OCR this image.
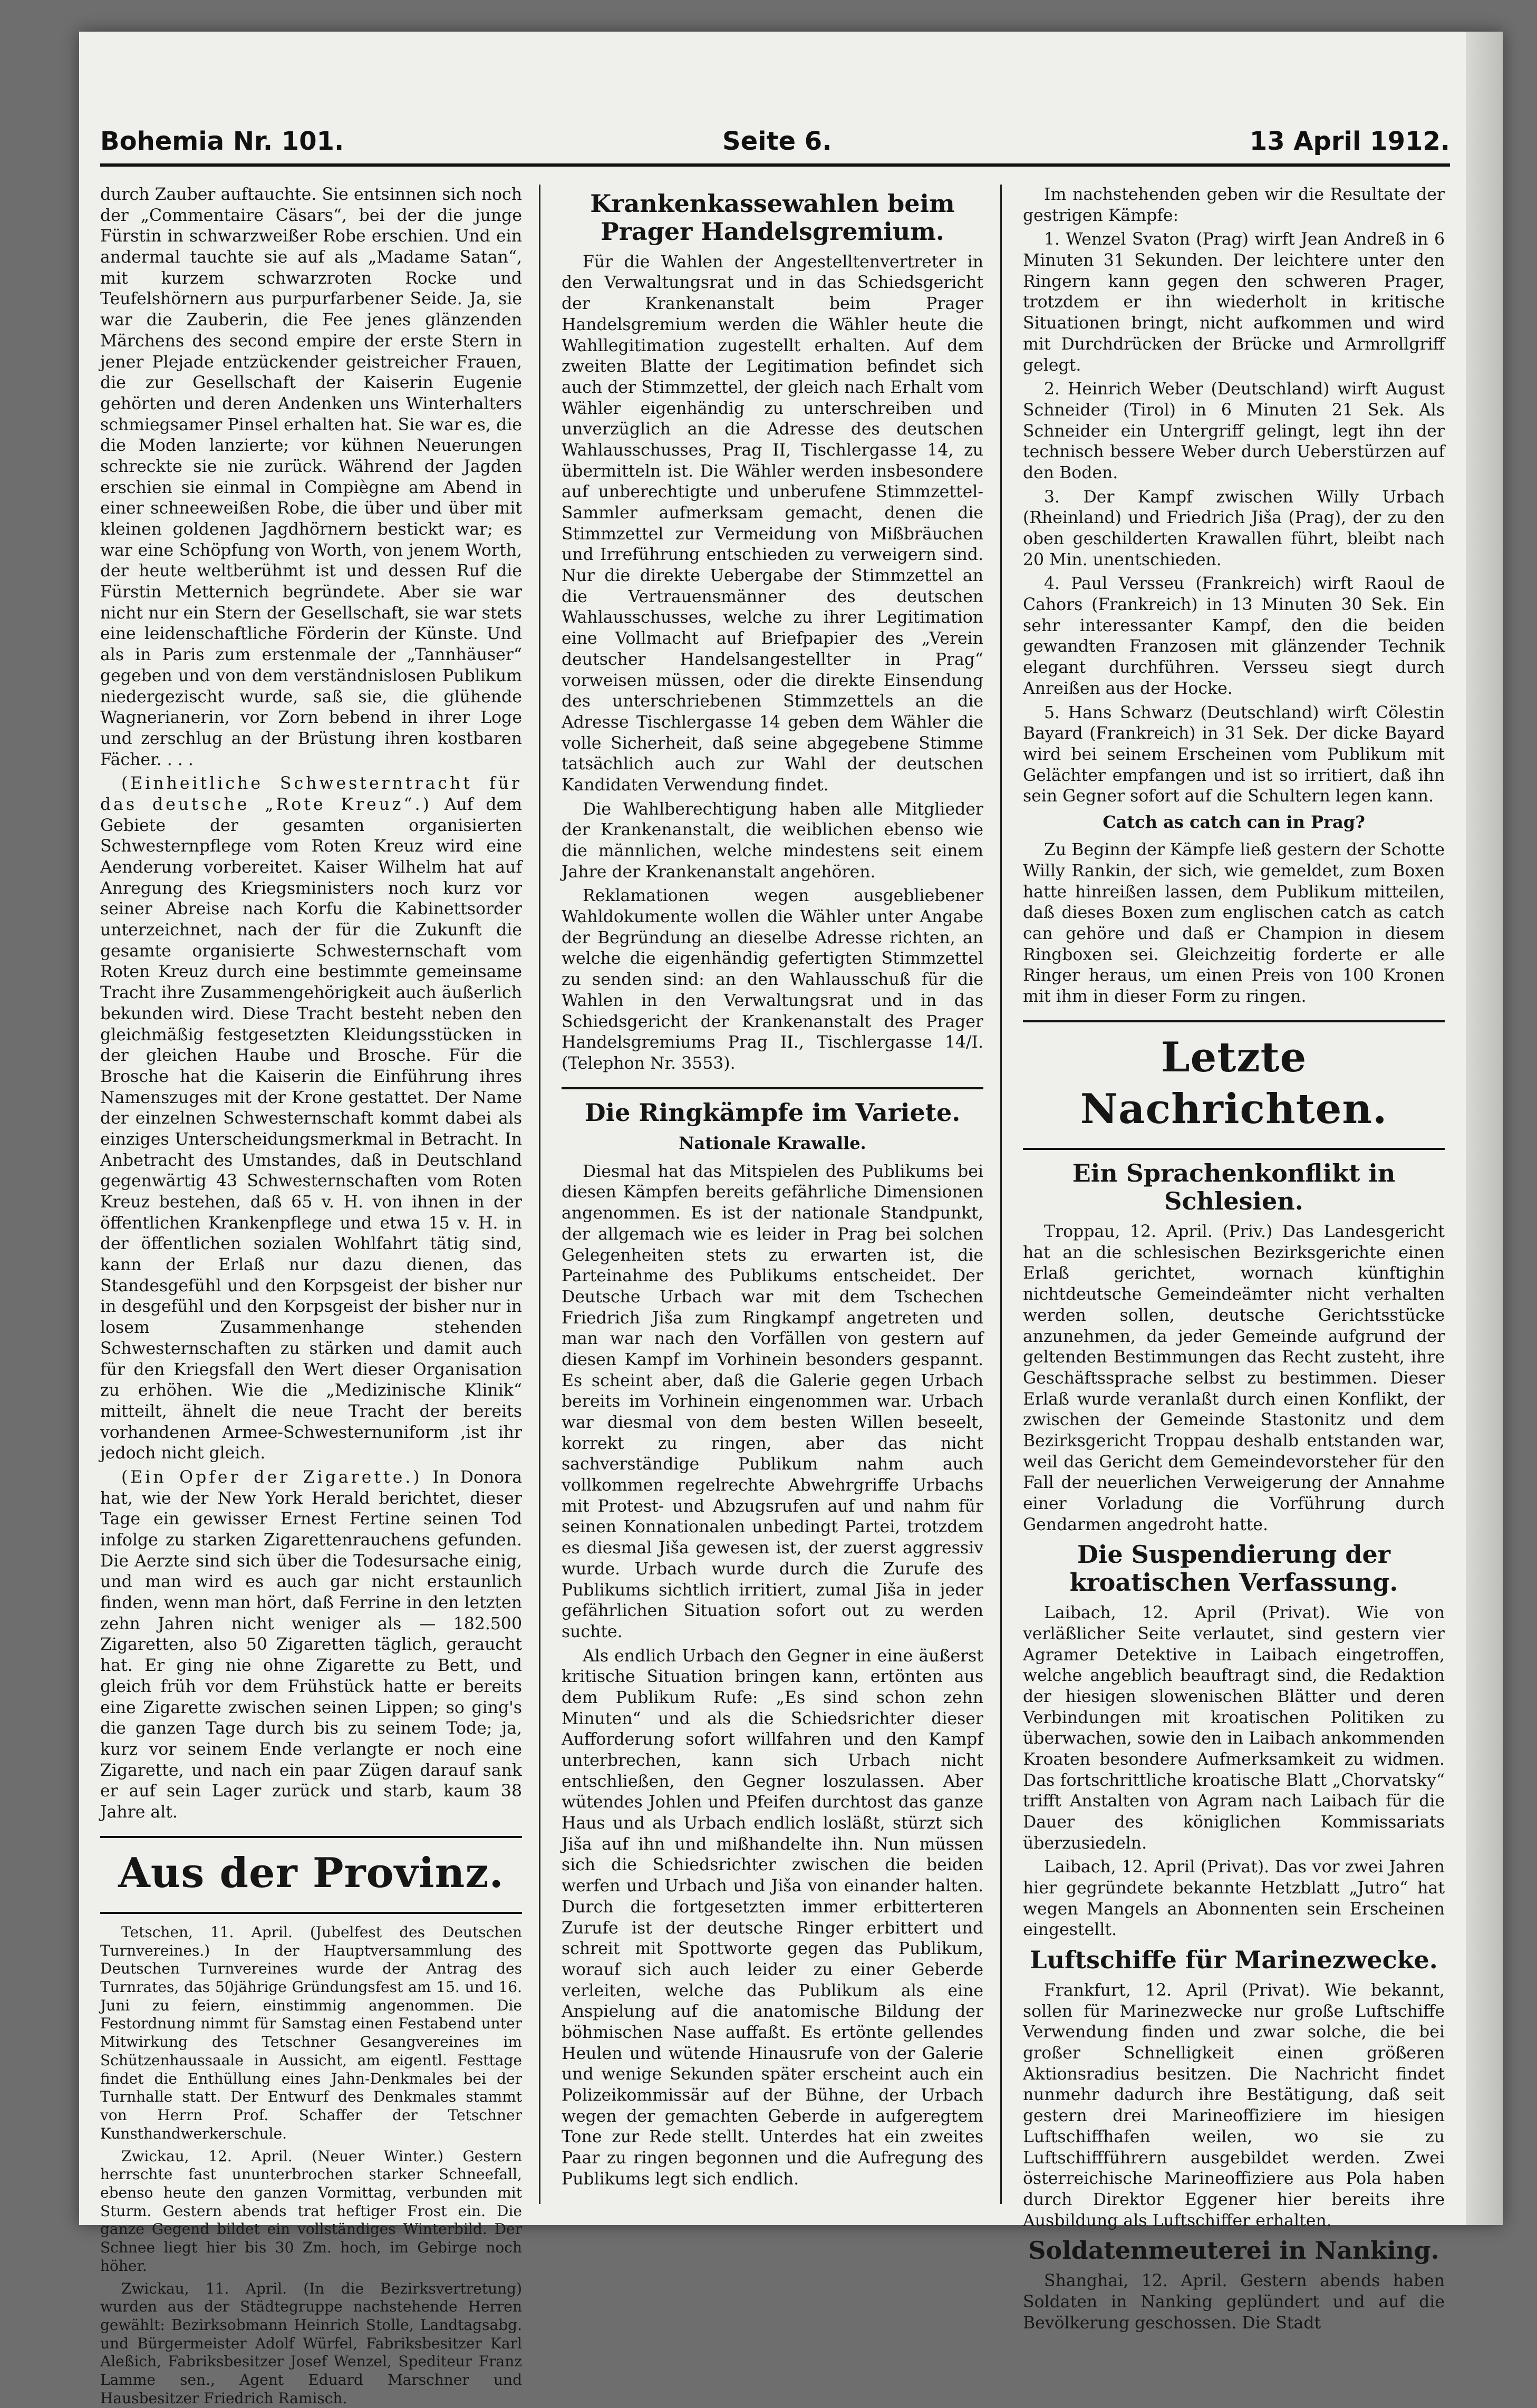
Bohemia Nr. 101.	Seite 6.	13 April 1912.

durch Zauber auftauchte. Sie entsinnen sich noch der „Commentaire Cäsars“, bei der die junge Fürstin in schwarzweißer Robe erschien. Und ein andermal tauchte sie auf als „Madame Satan“, mit kurzem schwarzroten Rocke und Teufelshörnern aus purpurfarbener Seide. Ja, sie war die Zauberin, die Fee jenes glänzenden Märchens des second empire der erste Stern in jener Plejade entzückender geistreicher Frauen, die zur Gesellschaft der Kaiserin Eugenie gehörten und deren Andenken uns Winterhalters schmiegsamer Pinsel erhalten hat. Sie war es, die die Moden lanzierte; vor kühnen Neuerungen schreckte sie nie zurück. Während der Jagden erschien sie einmal in Compiègne am Abend in einer schneeweißen Robe, die über und über mit kleinen goldenen Jagdhörnern bestickt war; es war eine Schöpfung von Worth, von jenem Worth, der heute weltberühmt ist und dessen Ruf die Fürstin Metternich begründete. Aber sie war nicht nur ein Stern der Gesellschaft, sie war stets eine leidenschaftliche Förderin der Künste. Und als in Paris zum erstenmale der „Tannhäuser“ gegeben und von dem verständnislosen Publikum niedergezischt wurde, saß sie, die glühende Wagnerianerin, vor Zorn bebend in ihrer Loge und zerschlug an der Brüstung ihren kostbaren Fächer. . . .

(Einheitliche Schwesterntracht für das deutsche „Rote Kreuz“.) Auf dem Gebiete der gesamten organisierten Schwesternpflege vom Roten Kreuz wird eine Aenderung vorbereitet. Kaiser Wilhelm hat auf Anregung des Kriegsministers noch kurz vor seiner Abreise nach Korfu die Kabinettsorder unterzeichnet, nach der für die Zukunft die gesamte organisierte Schwesternschaft vom Roten Kreuz durch eine bestimmte gemeinsame Tracht ihre Zusammengehörigkeit auch äußerlich bekunden wird. Diese Tracht besteht neben den gleichmäßig festgesetzten Kleidungsstücken in der gleichen Haube und Brosche. Für die Brosche hat die Kaiserin die Einführung ihres Namenszuges mit der Krone gestattet. Der Name der einzelnen Schwesternschaft kommt dabei als einziges Unterscheidungsmerkmal in Betracht. In Anbetracht des Umstandes, daß in Deutschland gegenwärtig 43 Schwesternschaften vom Roten Kreuz bestehen, daß 65 v. H. von ihnen in der öffentlichen Krankenpflege und etwa 15 v. H. in der öffentlichen sozialen Wohlfahrt tätig sind, kann der Erlaß nur dazu dienen, das Standesgefühl und den Korpsgeist der bisher nur in desgefühl und den Korpsgeist der bisher nur in losem Zusammenhange stehenden Schwesternschaften zu stärken und damit auch für den Kriegsfall den Wert dieser Organisation zu erhöhen. Wie die „Medizinische Klinik“ mitteilt, ähnelt die neue Tracht der bereits vorhandenen Armee-Schwesternuniform ,ist ihr jedoch nicht gleich.

(Ein Opfer der Zigarette.) In Donora hat, wie der New York Herald berichtet, dieser Tage ein gewisser Ernest Fertine seinen Tod infolge zu starken Zigarettenrauchens gefunden. Die Aerzte sind sich über die Todesursache einig, und man wird es auch gar nicht erstaunlich finden, wenn man hört, daß Ferrine in den letzten zehn Jahren nicht weniger als — 182.500 Zigaretten, also 50 Zigaretten täglich, geraucht hat. Er ging nie ohne Zigarette zu Bett, und gleich früh vor dem Frühstück hatte er bereits eine Zigarette zwischen seinen Lippen; so ging's die ganzen Tage durch bis zu seinem Tode; ja, kurz vor seinem Ende verlangte er noch eine Zigarette, und nach ein paar Zügen darauf sank er auf sein Lager zurück und starb, kaum 38 Jahre alt.

Aus der Provinz.

Tetschen, 11. April. (Jubelfest des Deutschen Turnvereines.) In der Hauptversammlung des Deutschen Turnvereines wurde der Antrag des Turnrates, das 50jährige Gründungsfest am 15. und 16. Juni zu feiern, einstimmig angenommen. Die Festordnung nimmt für Samstag einen Festabend unter Mitwirkung des Tetschner Gesangvereines im Schützenhaussaale in Aussicht, am eigentl. Festtage findet die Enthüllung eines Jahn-Denkmales bei der Turnhalle statt. Der Entwurf des Denkmales stammt von Herrn Prof. Schaffer der Tetschner Kunsthandwerkerschule.

Zwickau, 12. April. (Neuer Winter.) Gestern herrschte fast ununterbrochen starker Schneefall, ebenso heute den ganzen Vormittag, verbunden mit Sturm. Gestern abends trat heftiger Frost ein. Die ganze Gegend bildet ein vollständiges Winterbild. Der Schnee liegt hier bis 30 Zm. hoch, im Gebirge noch höher.

Zwickau, 11. April. (In die Bezirksvertretung) wurden aus der Städtegruppe nachstehende Herren gewählt: Bezirksobmann Heinrich Stolle, Landtagsabg. und Bürgermeister Adolf Würfel, Fabriksbesitzer Karl Aleßich, Fabriksbesitzer Josef Wenzel, Spediteur Franz Lamme sen., Agent Eduard Marschner und Hausbesitzer Friedrich Ramisch.

Krankenkassewahlen beim Prager Handelsgremium.

Für die Wahlen der Angestelltenvertreter in den Verwaltungsrat und in das Schiedsgericht der Krankenanstalt beim Prager Handelsgremium werden die Wähler heute die Wahllegitimation zugestellt erhalten. Auf dem zweiten Blatte der Legitimation befindet sich auch der Stimmzettel, der gleich nach Erhalt vom Wähler eigenhändig zu unterschreiben und unverzüglich an die Adresse des deutschen Wahlausschusses, Prag II, Tischlergasse 14, zu übermitteln ist. Die Wähler werden insbesondere auf unberechtigte und unberufene Stimmzettel-Sammler aufmerksam gemacht, denen die Stimmzettel zur Vermeidung von Mißbräuchen und Irreführung entschieden zu verweigern sind. Nur die direkte Uebergabe der Stimmzettel an die Vertrauensmänner des deutschen Wahlausschusses, welche zu ihrer Legitimation eine Vollmacht auf Briefpapier des „Verein deutscher Handelsangestellter in Prag“ vorweisen müssen, oder die direkte Einsendung des unterschriebenen Stimmzettels an die Adresse Tischlergasse 14 geben dem Wähler die volle Sicherheit, daß seine abgegebene Stimme tatsächlich auch zur Wahl der deutschen Kandidaten Verwendung findet.

Die Wahlberechtigung haben alle Mitglieder der Krankenanstalt, die weiblichen ebenso wie die männlichen, welche mindestens seit einem Jahre der Krankenanstalt angehören.

Reklamationen wegen ausgebliebener Wahldokumente wollen die Wähler unter Angabe der Begründung an dieselbe Adresse richten, an welche die eigenhändig gefertigten Stimmzettel zu senden sind: an den Wahlausschuß für die Wahlen in den Verwaltungsrat und in das Schiedsgericht der Krankenanstalt des Prager Handelsgremiums Prag II., Tischlergasse 14/I. (Telephon Nr. 3553).

Die Ringkämpfe im Variete.
Nationale Krawalle.

Diesmal hat das Mitspielen des Publikums bei diesen Kämpfen bereits gefährliche Dimensionen angenommen. Es ist der nationale Standpunkt, der allgemach wie es leider in Prag bei solchen Gelegenheiten stets zu erwarten ist, die Parteinahme des Publikums entscheidet. Der Deutsche Urbach war mit dem Tschechen Friedrich Jiša zum Ringkampf angetreten und man war nach den Vorfällen von gestern auf diesen Kampf im Vorhinein besonders gespannt. Es scheint aber, daß die Galerie gegen Urbach bereits im Vorhinein eingenommen war. Urbach war diesmal von dem besten Willen beseelt, korrekt zu ringen, aber das nicht sachverständige Publikum nahm auch vollkommen regelrechte Abwehrgriffe Urbachs mit Protest- und Abzugsrufen auf und nahm für seinen Konnationalen unbedingt Partei, trotzdem es diesmal Jiša gewesen ist, der zuerst aggressiv wurde. Urbach wurde durch die Zurufe des Publikums sichtlich irritiert, zumal Jiša in jeder gefährlichen Situation sofort out zu werden suchte.

Als endlich Urbach den Gegner in eine äußerst kritische Situation bringen kann, ertönten aus dem Publikum Rufe: „Es sind schon zehn Minuten“ und als die Schiedsrichter dieser Aufforderung sofort willfahren und den Kampf unterbrechen, kann sich Urbach nicht entschließen, den Gegner loszulassen. Aber wütendes Johlen und Pfeifen durchtost das ganze Haus und als Urbach endlich losläßt, stürzt sich Jiša auf ihn und mißhandelte ihn. Nun müssen sich die Schiedsrichter zwischen die beiden werfen und Urbach und Jiša von einander halten. Durch die fortgesetzten immer erbitterteren Zurufe ist der deutsche Ringer erbittert und schreit mit Spottworte gegen das Publikum, worauf sich auch leider zu einer Geberde verleiten, welche das Publikum als eine Anspielung auf die anatomische Bildung der böhmischen Nase auffaßt. Es ertönte gellendes Heulen und wütende Hinausrufe von der Galerie und wenige Sekunden später erscheint auch ein Polizeikommissär auf der Bühne, der Urbach wegen der gemachten Geberde in aufgeregtem Tone zur Rede stellt. Unterdes hat ein zweites Paar zu ringen begonnen und die Aufregung des Publikums legt sich endlich.

Im nachstehenden geben wir die Resultate der gestrigen Kämpfe:

1. Wenzel Svaton (Prag) wirft Jean Andreß in 6 Minuten 31 Sekunden. Der leichtere unter den Ringern kann gegen den schweren Prager, trotzdem er ihn wiederholt in kritische Situationen bringt, nicht aufkommen und wird mit Durchdrücken der Brücke und Armrollgriff gelegt.

2. Heinrich Weber (Deutschland) wirft August Schneider (Tirol) in 6 Minuten 21 Sek. Als Schneider ein Untergriff gelingt, legt ihn der technisch bessere Weber durch Ueberstürzen auf den Boden.

3. Der Kampf zwischen Willy Urbach (Rheinland) und Friedrich Jiša (Prag), der zu den oben geschilderten Krawallen führt, bleibt nach 20 Min. unentschieden.

4. Paul Versseu (Frankreich) wirft Raoul de Cahors (Frankreich) in 13 Minuten 30 Sek. Ein sehr interessanter Kampf, den die beiden gewandten Franzosen mit glänzender Technik elegant durchführen. Versseu siegt durch Anreißen aus der Hocke.

5. Hans Schwarz (Deutschland) wirft Cölestin Bayard (Frankreich) in 31 Sek. Der dicke Bayard wird bei seinem Erscheinen vom Publikum mit Gelächter empfangen und ist so irritiert, daß ihn sein Gegner sofort auf die Schultern legen kann.

Catch as catch can in Prag?

Zu Beginn der Kämpfe ließ gestern der Schotte Willy Rankin, der sich, wie gemeldet, zum Boxen hatte hinreißen lassen, dem Publikum mitteilen, daß dieses Boxen zum englischen catch as catch can gehöre und daß er Champion in diesem Ringboxen sei. Gleichzeitig forderte er alle Ringer heraus, um einen Preis von 100 Kronen mit ihm in dieser Form zu ringen.

Letzte Nachrichten.
Ein Sprachenkonflikt in Schlesien.

Troppau, 12. April. (Priv.) Das Landesgericht hat an die schlesischen Bezirksgerichte einen Erlaß gerichtet, wornach künftighin nichtdeutsche Gemeindeämter nicht verhalten werden sollen, deutsche Gerichtsstücke anzunehmen, da jeder Gemeinde aufgrund der geltenden Bestimmungen das Recht zusteht, ihre Geschäftssprache selbst zu bestimmen. Dieser Erlaß wurde veranlaßt durch einen Konflikt, der zwischen der Gemeinde Stastonitz und dem Bezirksgericht Troppau deshalb entstanden war, weil das Gericht dem Gemeindevorsteher für den Fall der neuerlichen Verweigerung der Annahme einer Vorladung die Vorführung durch Gendarmen angedroht hatte.

Die Suspendierung der kroatischen Verfassung.

Laibach, 12. April (Privat). Wie von verläßlicher Seite verlautet, sind gestern vier Agramer Detektive in Laibach eingetroffen, welche angeblich beauftragt sind, die Redaktion der hiesigen slowenischen Blätter und deren Verbindungen mit kroatischen Politiken zu überwachen, sowie den in Laibach ankommenden Kroaten besondere Aufmerksamkeit zu widmen. Das fortschrittliche kroatische Blatt „Chorvatsky“ trifft Anstalten von Agram nach Laibach für die Dauer des königlichen Kommissariats überzusiedeln.

Laibach, 12. April (Privat). Das vor zwei Jahren hier gegründete bekannte Hetzblatt „Jutro“ hat wegen Mangels an Abonnenten sein Erscheinen eingestellt.

Luftschiffe für Marinezwecke.

Frankfurt, 12. April (Privat). Wie bekannt, sollen für Marinezwecke nur große Luftschiffe Verwendung finden und zwar solche, die bei großer Schnelligkeit einen größeren Aktionsradius besitzen. Die Nachricht findet nunmehr dadurch ihre Bestätigung, daß seit gestern drei Marineoffiziere im hiesigen Luftschiffhafen weilen, wo sie zu Luftschiffführern ausgebildet werden. Zwei österreichische Marineoffiziere aus Pola haben durch Direktor Eggener hier bereits ihre Ausbildung als Luftschiffer erhalten.

Soldatenmeuterei in Nanking.

Shanghai, 12. April. Gestern abends haben Soldaten in Nanking geplündert und auf die Bevölkerung geschossen. Die Stadt
